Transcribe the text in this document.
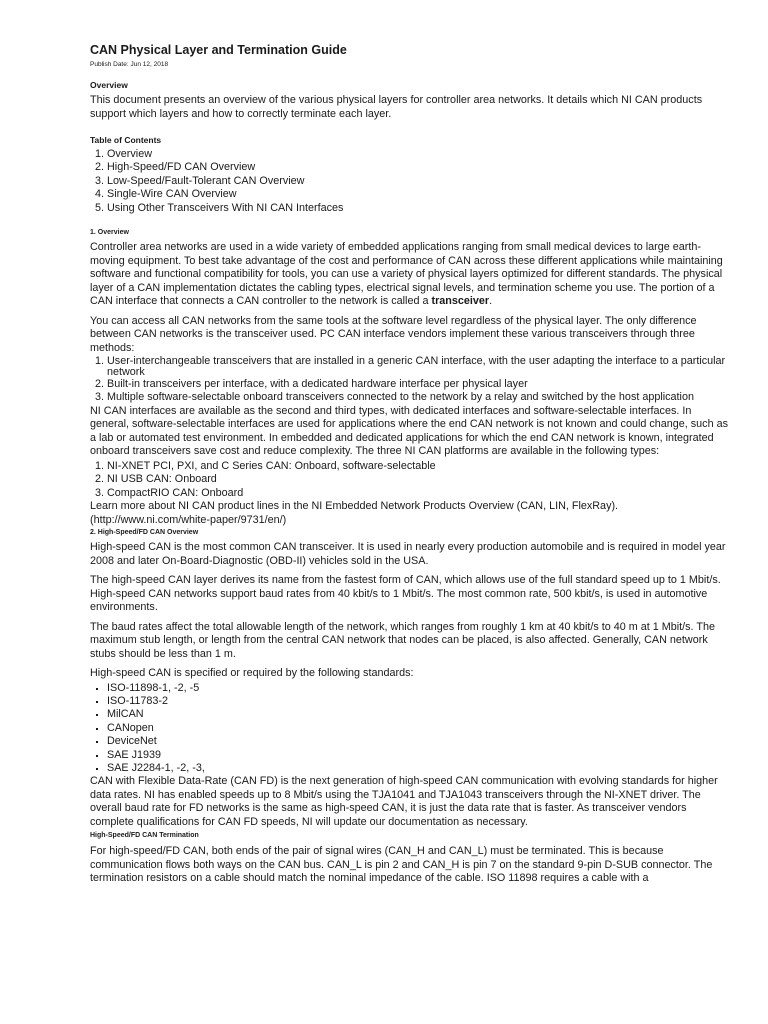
CAN Physical Layer and Termination Guide
Publish Date: Jun 12, 2018
Overview

This document presents an overview of the various physical layers for controller area networks. It details which NI CAN products support which layers and how to correctly terminate each layer.

Table of Contents
1. Overview
2. High-Speed/FD CAN Overview
3. Low-Speed/Fault-Tolerant CAN Overview
4. Single-Wire CAN Overview
5. Using Other Transceivers With NI CAN Interfaces
1. Overview

Controller area networks are used in a wide variety of embedded applications ranging from small medical devices to large earth-moving equipment. To best take advantage of the cost and performance of CAN across these different applications while maintaining software and functional compatibility for tools, you can use a variety of physical layers optimized for different standards. The physical layer of a CAN implementation dictates the cabling types, electrical signal levels, and termination scheme you use. The portion of a CAN interface that connects a CAN controller to the network is called a transceiver.

You can access all CAN networks from the same tools at the software level regardless of the physical layer. The only difference between CAN networks is the transceiver used. PC CAN interface vendors implement these various transceivers through three methods:

1. User-interchangeable transceivers that are installed in a generic CAN interface, with the user adapting the interface to a particular network
2. Built-in transceivers per interface, with a dedicated hardware interface per physical layer
3. Multiple software-selectable onboard transceivers connected to the network by a relay and switched by the host application

NI CAN interfaces are available as the second and third types, with dedicated interfaces and software-selectable interfaces. In general, software-selectable interfaces are used for applications where the end CAN network is not known and could change, such as a lab or automated test environment. In embedded and dedicated applications for which the end CAN network is known, integrated onboard transceivers save cost and reduce complexity. The three NI CAN platforms are available in the following types:

1. NI-XNET PCI, PXI, and C Series CAN: Onboard, software-selectable
2. NI USB CAN: Onboard
3. CompactRIO CAN: Onboard

Learn more about NI CAN product lines in the NI Embedded Network Products Overview (CAN, LIN, FlexRay). (http://www.ni.com/white-paper/9731/en/)

2. High-Speed/FD CAN Overview

High-speed CAN is the most common CAN transceiver. It is used in nearly every production automobile and is required in model year 2008 and later On-Board-Diagnostic (OBD-II) vehicles sold in the USA.

The high-speed CAN layer derives its name from the fastest form of CAN, which allows use of the full standard speed up to 1 Mbit/s. High-speed CAN networks support baud rates from 40 kbit/s to 1 Mbit/s. The most common rate, 500 kbit/s, is used in automotive environments.

The baud rates affect the total allowable length of the network, which ranges from roughly 1 km at 40 kbit/s to 40 m at 1 Mbit/s. The maximum stub length, or length from the central CAN network that nodes can be placed, is also affected. Generally, CAN network stubs should be less than 1 m.

High-speed CAN is specified or required by the following standards:

▪ ISO-11898-1, -2, -5
▪ ISO-11783-2
▪ MilCAN
▪ CANopen
▪ DeviceNet
▪ SAE J1939
▪ SAE J2284-1, -2, -3,

CAN with Flexible Data-Rate (CAN FD) is the next generation of high-speed CAN communication with evolving standards for higher data rates. NI has enabled speeds up to 8 Mbit/s using the TJA1041 and TJA1043 transceivers through the NI-XNET driver. The overall baud rate for FD networks is the same as high-speed CAN, it is just the data rate that is faster. As transceiver vendors complete qualifications for CAN FD speeds, NI will update our documentation as necessary.

High-Speed/FD CAN Termination

For high-speed/FD CAN, both ends of the pair of signal wires (CAN_H and CAN_L) must be terminated. This is because communication flows both ways on the CAN bus. CAN_L is pin 2 and CAN_H is pin 7 on the standard 9-pin D-SUB connector. The termination resistors on a cable should match the nominal impedance of the cable. ISO 11898 requires a cable with a
